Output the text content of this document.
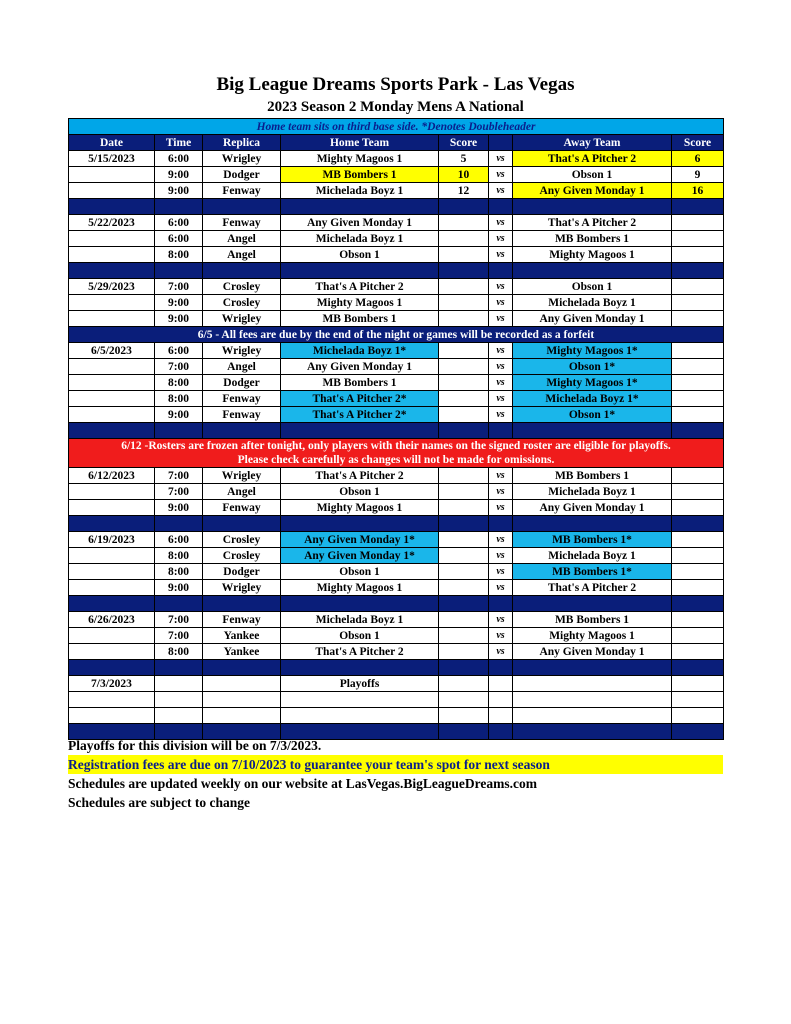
Big League Dreams Sports Park - Las Vegas
2023 Season 2 Monday Mens A National
Home team sits on third base side. *Denotes Doubleheader							
Date	Time	Replica	Home Team	Score		Away Team	Score
5/15/2023	6:00	Wrigley	Mighty Magoos 1	5	vs	That's A Pitcher 2	6
	9:00	Dodger	MB Bombers 1	10	vs	Obson 1	9
	9:00	Fenway	Michelada Boyz 1	12	vs	Any Given Monday 1	16

5/22/2023	6:00	Fenway	Any Given Monday 1		vs	That's A Pitcher 2	
	6:00	Angel	Michelada Boyz 1		vs	MB Bombers 1	
	8:00	Angel	Obson 1		vs	Mighty Magoos 1	

5/29/2023	7:00	Crosley	That's A Pitcher 2		vs	Obson 1	
	9:00	Crosley	Mighty Magoos 1		vs	Michelada Boyz 1	
	9:00	Wrigley	MB Bombers 1		vs	Any Given Monday 1	
6/5 - All fees are due by the end of the night or games will be recorded as a forfeit							
6/5/2023	6:00	Wrigley	Michelada Boyz 1*		vs	Mighty Magoos 1*	
	7:00	Angel	Any Given Monday 1		vs	Obson 1*	
	8:00	Dodger	MB Bombers 1		vs	Mighty Magoos 1*	
	8:00	Fenway	That's A Pitcher 2*		vs	Michelada Boyz 1*	
	9:00	Fenway	That's A Pitcher 2*		vs	Obson 1*	

6/12 -Rosters are frozen after tonight, only players with their names on the signed roster are eligible for playoffs.
Please check carefully as changes will not be made for omissions.							

6/12/2023	7:00	Wrigley	That's A Pitcher 2		vs	MB Bombers 1	
	7:00	Angel	Obson 1		vs	Michelada Boyz 1	
	9:00	Fenway	Mighty Magoos 1		vs	Any Given Monday 1	

6/19/2023	6:00	Crosley	Any Given Monday 1*		vs	MB Bombers 1*	
	8:00	Crosley	Any Given Monday 1*		vs	Michelada Boyz 1	
	8:00	Dodger	Obson 1		vs	MB Bombers 1*	
	9:00	Wrigley	Mighty Magoos 1		vs	That's A Pitcher 2	

6/26/2023	7:00	Fenway	Michelada Boyz 1		vs	MB Bombers 1	
	7:00	Yankee	Obson 1		vs	Mighty Magoos 1	
	8:00	Yankee	That's A Pitcher 2		vs	Any Given Monday 1	

7/3/2023			Playoffs				

Playoffs for this division will be on 7/3/2023.
Registration fees are due on 7/10/2023 to guarantee your team's spot for next season
Schedules are updated weekly on our website at LasVegas.BigLeagueDreams.com
Schedules are subject to change
